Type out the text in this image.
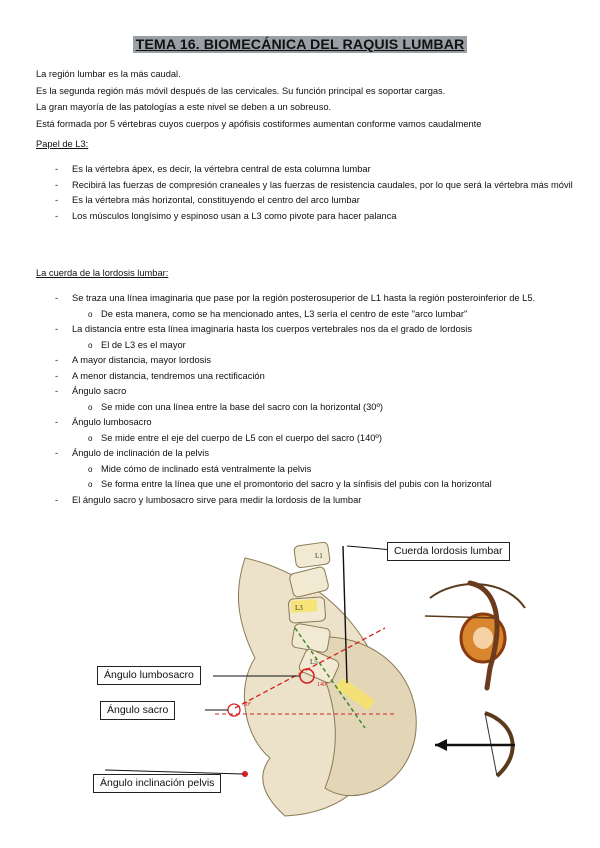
TEMA 16. BIOMECÁNICA DEL RAQUIS LUMBAR
La región lumbar es la más caudal.
Es la segunda región más móvil después de las cervicales. Su función principal es soportar cargas.
La gran mayoría de las patologías a este nivel se deben a un sobreuso.
Está formada por 5 vértebras cuyos cuerpos y apófisis costiformes aumentan conforme vamos caudalmente
Papel de L3:
- Es la vértebra ápex, es decir, la vértebra central de esta columna lumbar
- Recibirá las fuerzas de compresión craneales y las fuerzas de resistencia caudales, por lo que será la vértebra más móvil
- Es la vértebra más horizontal, constituyendo el centro del arco lumbar
- Los músculos longísimo y espinoso usan a L3 como pivote para hacer palanca
La cuerda de la lordosis lumbar:
- Se traza una línea imaginaria que pase por la región posterosuperior de L1 hasta la región posteroinferior de L5.
o De esta manera, como se ha mencionado antes, L3 sería el centro de este "arco lumbar"
- La distancia entre esta línea imaginaria hasta los cuerpos vertebrales nos da el grado de lordosis
o El de L3 es el mayor
- A mayor distancia, mayor lordosis
- A menor distancia, tendremos una rectificación
- Ángulo sacro
o Se mide con una línea entre la base del sacro con la horizontal (30º)
- Ángulo lumbosacro
o Se mide entre el eje del cuerpo de L5 con el cuerpo del sacro (140º)
- Ángulo de inclinación de la pelvis
o Mide cómo de inclinado está ventralmente la pelvis
o Se forma entre la línea que une el promontorio del sacro y la sínfisis del pubis con la horizontal
- El ángulo sacro y lumbosacro sirve para medir la lordosis de la lumbar
L1
L3
L5
140º
30º
Cuerda lordosis lumbar
Ángulo lumbosacro
Ángulo sacro
Ángulo inclinación pelvis
